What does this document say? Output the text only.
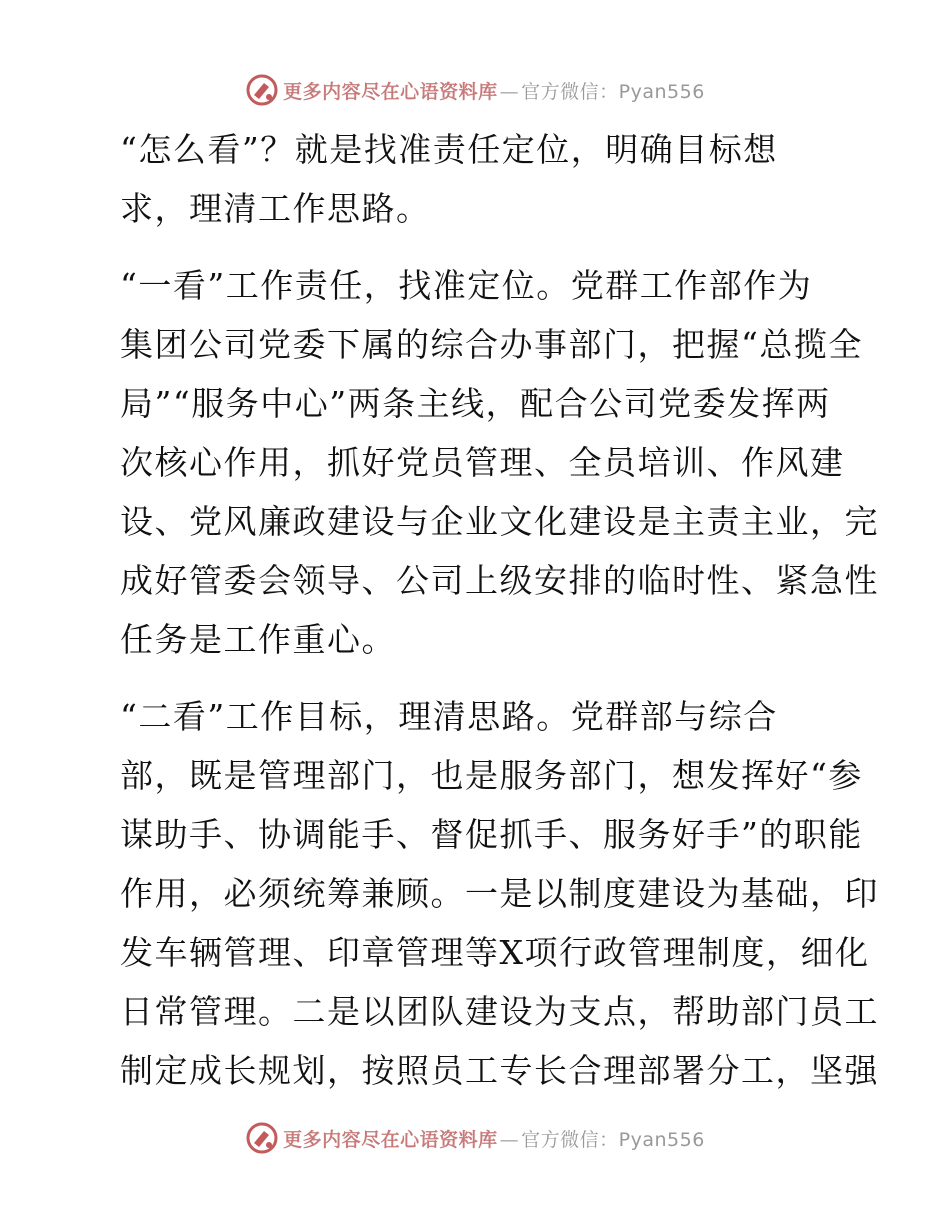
更多内容尽在心语资料库 — 官方微信：Pyan556

“怎么看”？就是找准责任定位，明确目标想
求，理清工作思路。

“一看”工作责任，找准定位。党群工作部作为
集团公司党委下属的综合办事部门，把握“总揽全
局”“服务中心”两条主线，配合公司党委发挥两
次核心作用，抓好党员管理、全员培训、作风建
设、党风廉政建设与企业文化建设是主责主业，完
成好管委会领导、公司上级安排的临时性、紧急性
任务是工作重心。

“二看”工作目标，理清思路。党群部与综合
部，既是管理部门，也是服务部门，想发挥好“参
谋助手、协调能手、督促抓手、服务好手”的职能
作用，必须统筹兼顾。一是以制度建设为基础，印
发车辆管理、印章管理等X项行政管理制度，细化
日常管理。二是以团队建设为支点，帮助部门员工
制定成长规划，按照员工专长合理部署分工，坚强

更多内容尽在心语资料库 — 官方微信：Pyan556
